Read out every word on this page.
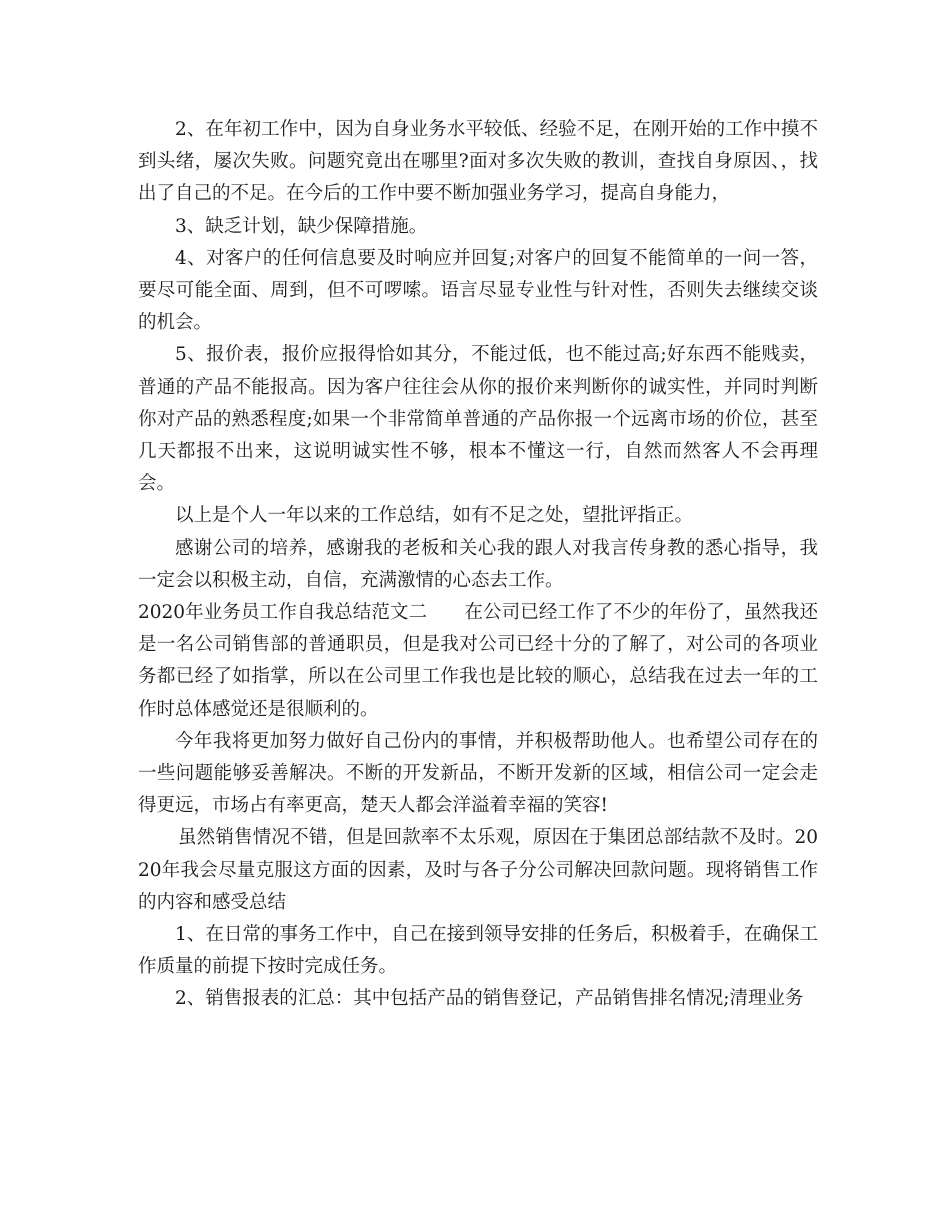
2、在年初工作中，因为自身业务水平较低、经验不足，在刚开始的工作中摸不到头绪，屡次失败。问题究竟出在哪里?面对多次失败的教训，查找自身原因、，找出了自己的不足。在今后的工作中要不断加强业务学习，提高自身能力，

3、缺乏计划，缺少保障措施。

4、对客户的任何信息要及时响应并回复;对客户的回复不能简单的一问一答，要尽可能全面、周到，但不可啰嗦。语言尽显专业性与针对性，否则失去继续交谈的机会。

5、报价表，报价应报得恰如其分，不能过低，也不能过高;好东西不能贱卖，普通的产品不能报高。因为客户往往会从你的报价来判断你的诚实性，并同时判断你对产品的熟悉程度;如果一个非常简单普通的产品你报一个远离市场的价位，甚至几天都报不出来，这说明诚实性不够，根本不懂这一行，自然而然客人不会再理会。

以上是个人一年以来的工作总结，如有不足之处，望批评指正。

感谢公司的培养，感谢我的老板和关心我的跟人对我言传身教的悉心指导，我一定会以积极主动，自信，充满激情的心态去工作。

2020年业务员工作自我总结范文二　　在公司已经工作了不少的年份了，虽然我还是一名公司销售部的普通职员，但是我对公司已经十分的了解了，对公司的各项业务都已经了如指掌，所以在公司里工作我也是比较的顺心，总结我在过去一年的工作时总体感觉还是很顺利的。

今年我将更加努力做好自己份内的事情，并积极帮助他人。也希望公司存在的一些问题能够妥善解决。不断的开发新品，不断开发新的区域，相信公司一定会走得更远，市场占有率更高，楚天人都会洋溢着幸福的笑容!

虽然销售情况不错，但是回款率不太乐观，原因在于集团总部结款不及时。2020年我会尽量克服这方面的因素，及时与各子分公司解决回款问题。现将销售工作的内容和感受总结

1、在日常的事务工作中，自己在接到领导安排的任务后，积极着手，在确保工作质量的前提下按时完成任务。

2、销售报表的汇总：其中包括产品的销售登记，产品销售排名情况;清理业务
